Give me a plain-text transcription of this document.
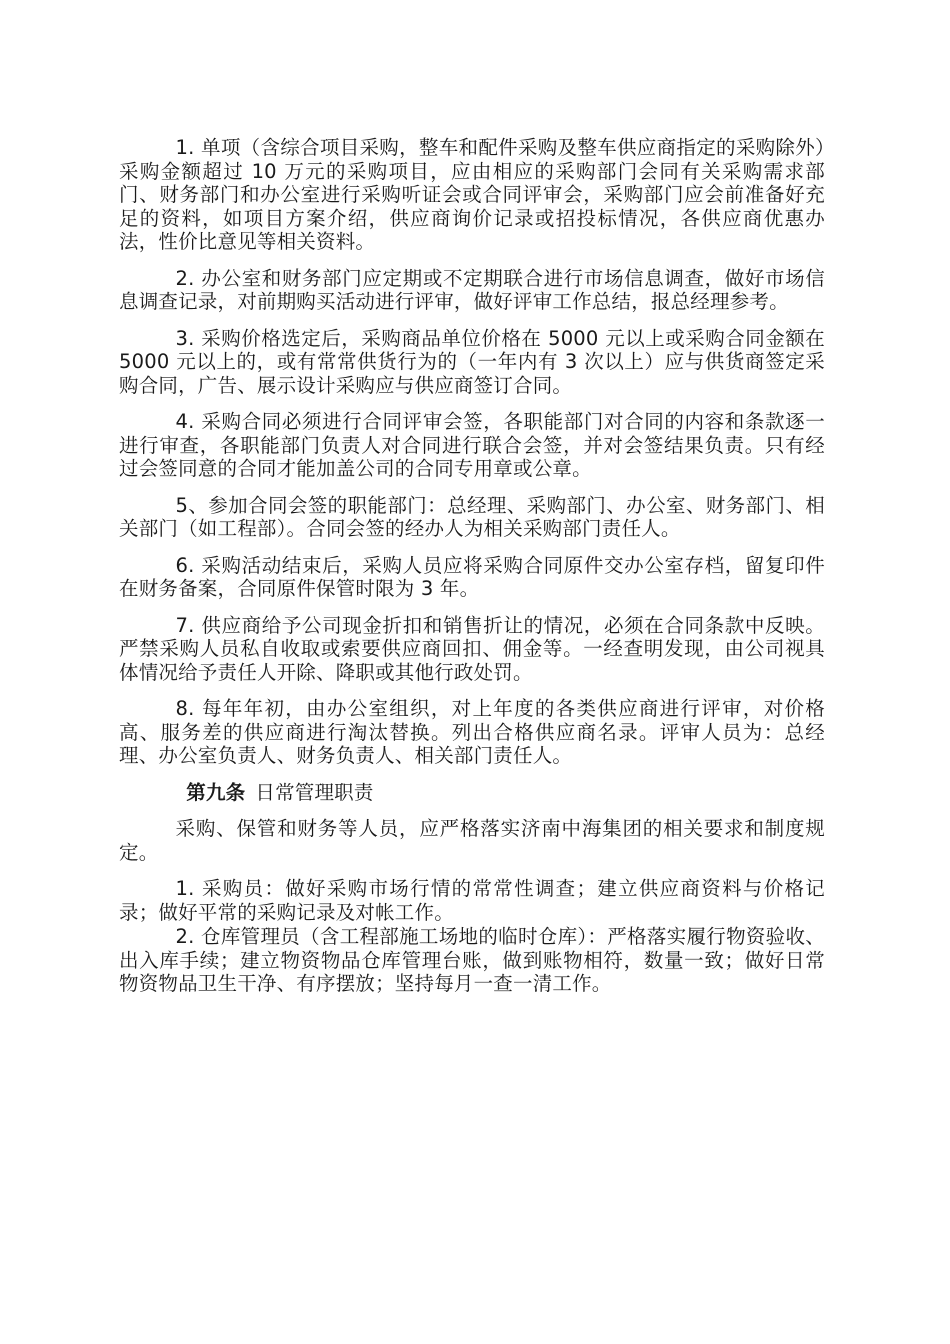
1. 单项（含综合项目采购，整车和配件采购及整车供应商指定的采购除外）采购金额超过 10 万元的采购项目，应由相应的采购部门会同有关采购需求部门、财务部门和办公室进行采购听证会或合同评审会，采购部门应会前准备好充足的资料，如项目方案介绍，供应商询价记录或招投标情况，各供应商优惠办法，性价比意见等相关资料。

2. 办公室和财务部门应定期或不定期联合进行市场信息调查，做好市场信息调查记录，对前期购买活动进行评审，做好评审工作总结，报总经理参考。

3. 采购价格选定后，采购商品单位价格在 5000 元以上或采购合同金额在 5000 元以上的，或有常常供货行为的（一年内有 3 次以上）应与供货商签定采购合同，广告、展示设计采购应与供应商签订合同。

4. 采购合同必须进行合同评审会签，各职能部门对合同的内容和条款逐一进行审查，各职能部门负责人对合同进行联合会签，并对会签结果负责。只有经过会签同意的合同才能加盖公司的合同专用章或公章。

5、参加合同会签的职能部门：总经理、采购部门、办公室、财务部门、相关部门（如工程部）。合同会签的经办人为相关采购部门责任人。

6. 采购活动结束后，采购人员应将采购合同原件交办公室存档，留复印件在财务备案，合同原件保管时限为 3 年。

7. 供应商给予公司现金折扣和销售折让的情况，必须在合同条款中反映。严禁采购人员私自收取或索要供应商回扣、佣金等。一经查明发现，由公司视具体情况给予责任人开除、降职或其他行政处罚。

8. 每年年初，由办公室组织，对上年度的各类供应商进行评审，对价格高、服务差的供应商进行淘汰替换。列出合格供应商名录。评审人员为：总经理、办公室负责人、财务负责人、相关部门责任人。

第九条 日常管理职责

采购、保管和财务等人员，应严格落实济南中海集团的相关要求和制度规定。

1. 采购员：做好采购市场行情的常常性调查；建立供应商资料与价格记录；做好平常的采购记录及对帐工作。

2. 仓库管理员（含工程部施工场地的临时仓库）：严格落实履行物资验收、出入库手续；建立物资物品仓库管理台账，做到账物相符，数量一致；做好日常物资物品卫生干净、有序摆放；坚持每月一查一清工作。
